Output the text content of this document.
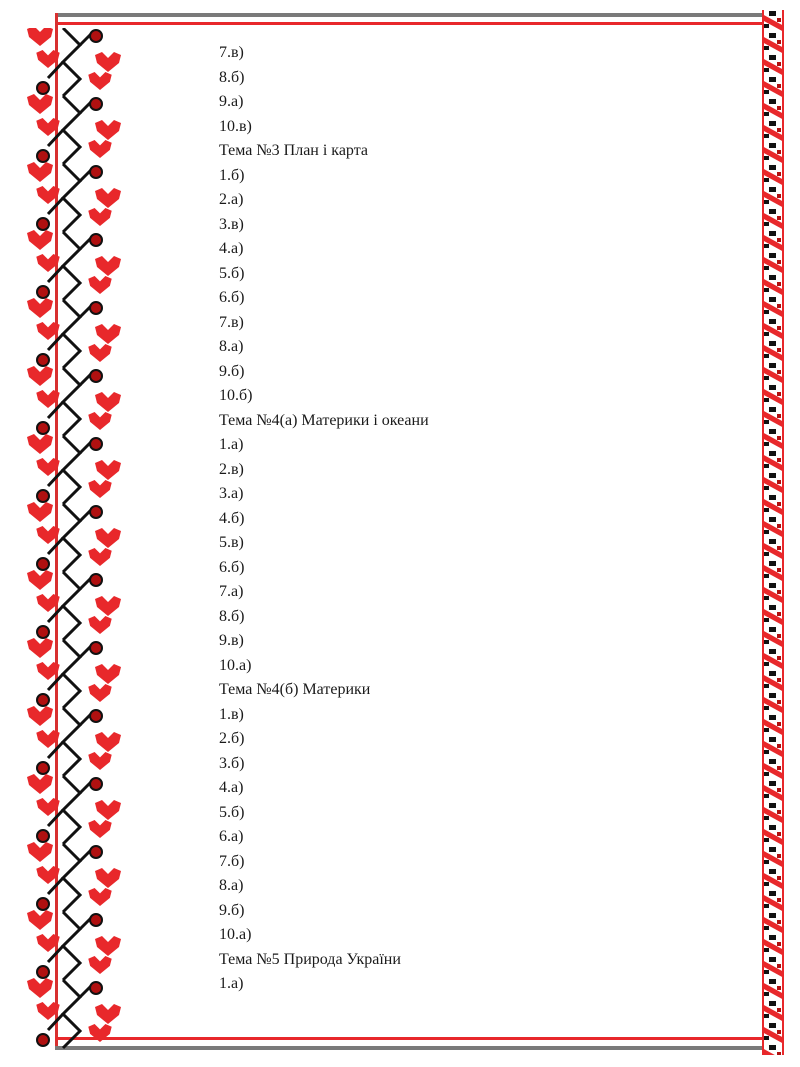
7.в)
8.б)
9.а)
10.в)
Тема №3 План і карта
1.б)
2.а)
3.в)
4.а)
5.б)
6.б)
7.в)
8.а)
9.б)
10.б)
Тема №4(а) Материки і океани
1.а)
2.в)
3.а)
4.б)
5.в)
6.б)
7.а)
8.б)
9.в)
10.а)
Тема №4(б) Материки
1.в)
2.б)
3.б)
4.а)
5.б)
6.а)
7.б)
8.а)
9.б)
10.а)
Тема №5 Природа України
1.а)
